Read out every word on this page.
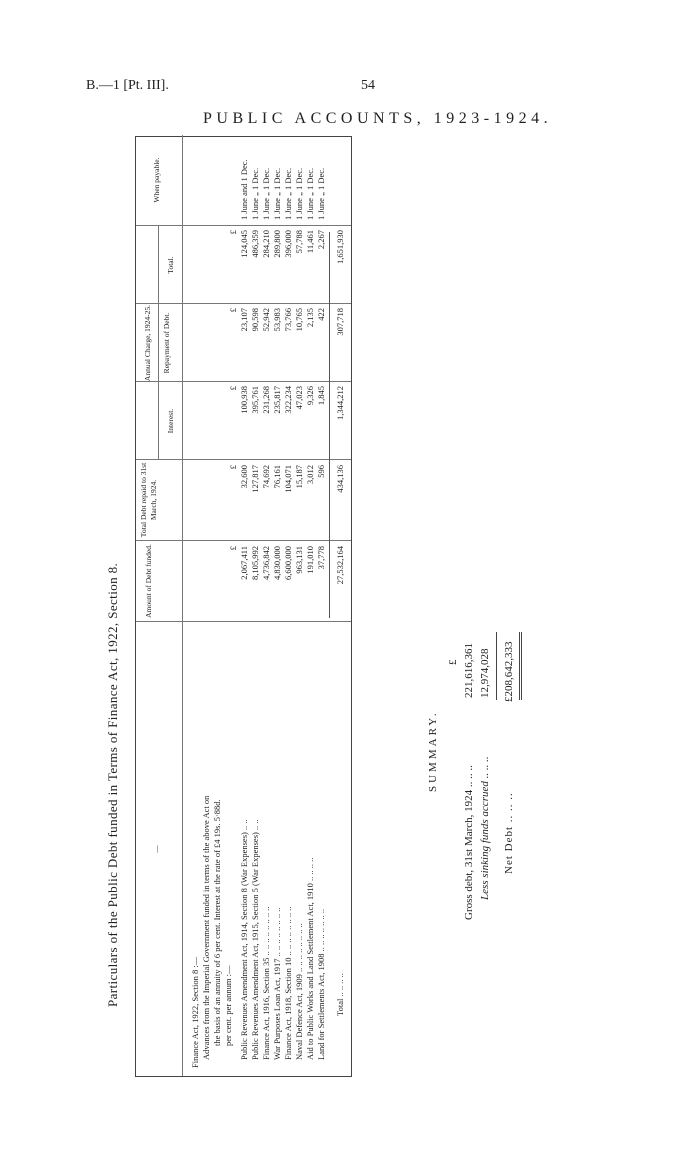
B.—1 [Pt. III].	54
PUBLIC ACCOUNTS, 1923-1924.
Particulars of the Public Debt funded in Terms of Finance Act, 1922, Section 8.	—
Amount of Debt funded.
Total Debt repaid to 31st March, 1924.
Annual Charge, 1924-25.
Interest.
Repayment of Debt.
Total.
When payable.
£
£
£
£
£
Finance Act, 1922, Section 8 :— Advances from the Imperial Government funded in terms of the above Act on the basis of an annuity of 6 per cent. Interest at the rate of £4 19s. 5·88d. per cent. per annum :— Public Revenues Amendment Act, 1914, Section 8 (War Expenses) .. ..
2,067,411
32,600
100,938
23,107
124,045
1 June and 1 Dec.
Public Revenues Amendment Act, 1915, Section 5 (War Expenses) .. ..
8,105,992
127,817
395,761
90,598
486,359
1 June „ 1 Dec.
Finance Act, 1916, Section 35 .. .. .. .. .. .. .. ..
4,736,842
74,692
231,268
52,942
284,210
1 June „ 1 Dec.
War Purposes Loan Act, 1917 .. .. .. .. .. .. .. ..
4,830,000
76,161
235,817
53,983
289,800
1 June „ 1 Dec.
Finance Act, 1918, Section 10 .. .. .. .. .. .. .. ..
6,600,000
104,071
322,234
73,766
396,000
1 June „ 1 Dec.
Naval Defence Act, 1909 .. .. .. .. .. .. .. ..
963,131
15,187
47,023
10,765
57,788
1 June „ 1 Dec.
Aid to Public Works and Land Settlement Act, 1910 .. .. .. ..
191,010
3,012
9,326
2,135
11,461
1 June „ 1 Dec.
Land for Settlements Act, 1908 .. .. .. .. .. .. ..
37,778
596
1,845
422
2,267
1 June „ 1 Dec.
Total .. .. .. ..
27,532,164
434,136
1,344,212
307,718
1,651,930
SUMMARY.
£
Gross debt, 31st March, 1924 .. .. ..
221,616,361
Less sinking funds accrued .. .. ..
12,974,028
Net Debt .. .. ..
£208,642,333
